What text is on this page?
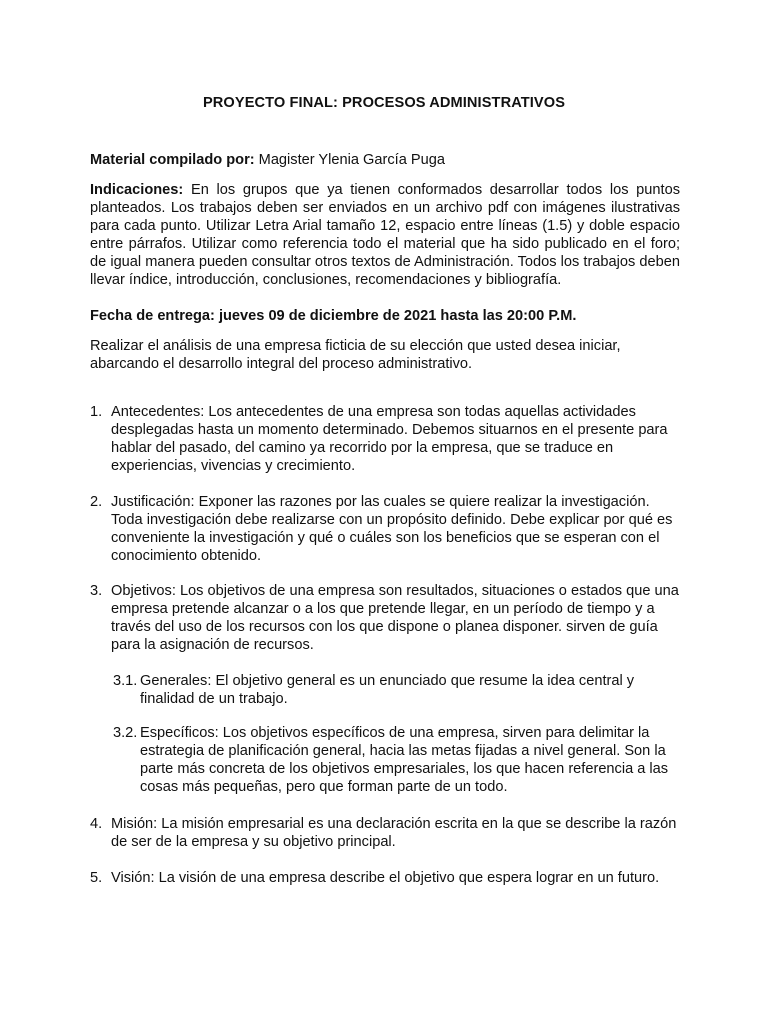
PROYECTO FINAL: PROCESOS ADMINISTRATIVOS
Material compilado por: Magister Ylenia García Puga
Indicaciones: En los grupos que ya tienen conformados desarrollar todos los puntos planteados. Los trabajos deben ser enviados en un archivo pdf con imágenes ilustrativas para cada punto. Utilizar Letra Arial tamaño 12, espacio entre líneas (1.5) y doble espacio entre párrafos. Utilizar como referencia todo el material que ha sido publicado en el foro; de igual manera pueden consultar otros textos de Administración. Todos los trabajos deben llevar índice, introducción, conclusiones, recomendaciones y bibliografía.
Fecha de entrega: jueves 09 de diciembre de 2021 hasta las 20:00 P.M.
Realizar el análisis de una empresa ficticia de su elección que usted desea iniciar, abarcando el desarrollo integral del proceso administrativo.
1. Antecedentes: Los antecedentes de una empresa son todas aquellas actividades desplegadas hasta un momento determinado. Debemos situarnos en el presente para hablar del pasado, del camino ya recorrido por la empresa, que se traduce en experiencias, vivencias y crecimiento.
2. Justificación: Exponer las razones por las cuales se quiere realizar la investigación. Toda investigación debe realizarse con un propósito definido. Debe explicar por qué es conveniente la investigación y qué o cuáles son los beneficios que se esperan con el conocimiento obtenido.
3. Objetivos: Los objetivos de una empresa son resultados, situaciones o estados que una empresa pretende alcanzar o a los que pretende llegar, en un período de tiempo y a través del uso de los recursos con los que dispone o planea disponer. sirven de guía para la asignación de recursos.
3.1. Generales: El objetivo general es un enunciado que resume la idea central y finalidad de un trabajo.
3.2. Específicos: Los objetivos específicos de una empresa, sirven para delimitar la estrategia de planificación general, hacia las metas fijadas a nivel general. Son la parte más concreta de los objetivos empresariales, los que hacen referencia a las cosas más pequeñas, pero que forman parte de un todo.
4. Misión: La misión empresarial es una declaración escrita en la que se describe la razón de ser de la empresa y su objetivo principal.
5. Visión: La visión de una empresa describe el objetivo que espera lograr en un futuro.
